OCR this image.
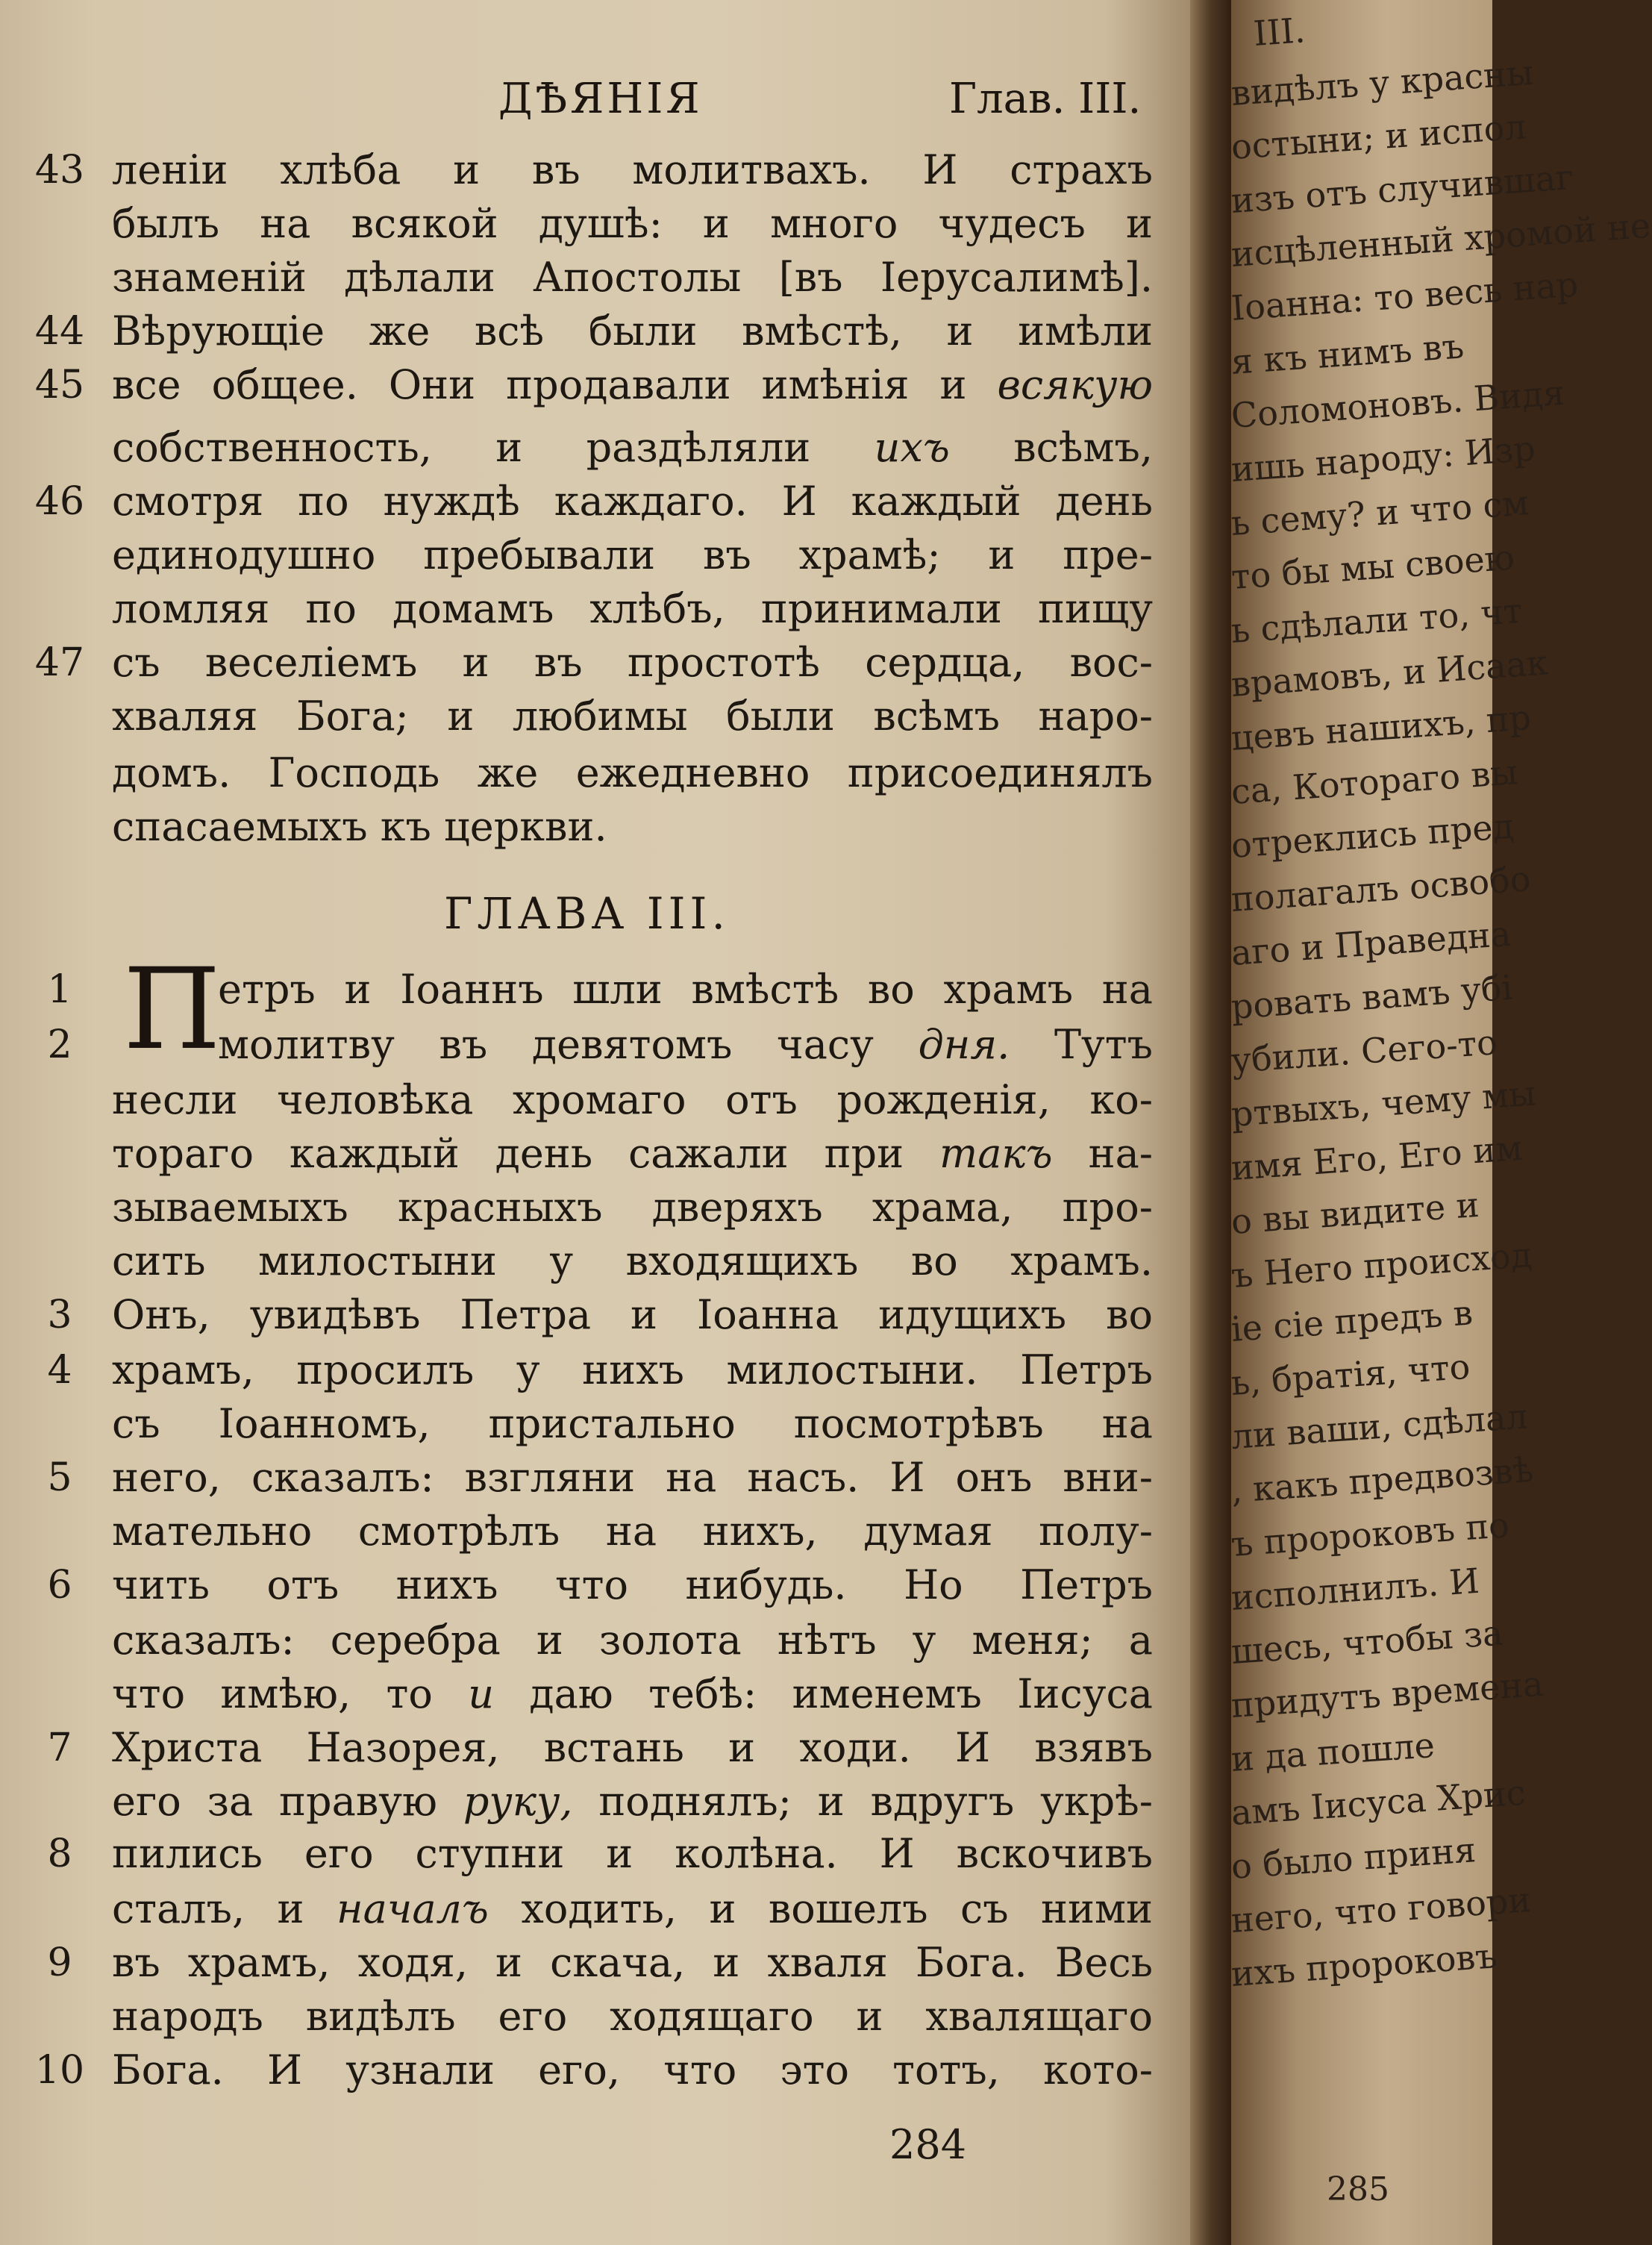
ДѢЯНІЯ	Глав. III.
43
44
45
46
47
1
2
3
4
5
6
7
8
9
10
леніи хлѣба и въ молитвахъ. И страхъ
былъ на всякой душѣ: и много чудесъ и
знаменій дѣлали Апостолы [въ Іерусалимѣ].
Вѣрующіе же всѣ были вмѣстѣ, и имѣли
все общее. Они продавали имѣнія и всякую
собственность, и раздѣляли ихъ всѣмъ,
смотря по нуждѣ каждаго. И каждый день
единодушно пребывали въ храмѣ; и пре-
ломляя по домамъ хлѣбъ, принимали пищу
съ веселіемъ и въ простотѣ сердца, вос-
хваляя Бога; и любимы были всѣмъ наро-
домъ. Господь же ежедневно присоединялъ
спасаемыхъ къ церкви.
ГЛАВА III.
П
етръ и Іоаннъ шли вмѣстѣ во храмъ на
молитву въ девятомъ часу дня. Тутъ
несли человѣка хромаго отъ рожденія, ко-
тораго каждый день сажали при такъ на-
зываемыхъ красныхъ дверяхъ храма, про-
сить милостыни у входящихъ во храмъ.
Онъ, увидѣвъ Петра и Іоанна идущихъ во
храмъ, просилъ у нихъ милостыни. Петръ
съ Іоанномъ, пристально посмотрѣвъ на
него, сказалъ: взгляни на насъ. И онъ вни-
мательно смотрѣлъ на нихъ, думая полу-
чить отъ нихъ что нибудь. Но Петръ
сказалъ: серебра и золота нѣтъ у меня; а
что имѣю, то и даю тебѣ: именемъ Іисуса
Христа Назорея, встань и ходи. И взявъ
его за правую руку, поднялъ; и вдругъ укрѣ-
пились его ступни и колѣна. И вскочивъ
сталъ, и началъ ходить, и вошелъ съ ними
въ храмъ, ходя, и скача, и хваля Бога. Весь
народъ видѣлъ его ходящаго и хвалящаго
Бога. И узнали его, что это тотъ, кото-
284
III.
видѣлъ у красны
остыни; и испол
изъ отъ случившаг
исцѣленный хромой не
Іоанна: то весь нар
я къ нимъ въ
Соломоновъ. Видя
ишь народу: Изр
ь сему? и что см
то бы мы своею
ь сдѣлали то, чт
врамовъ, и Исаак
цевъ нашихъ, пр
са, Котораго вы
отреклись пред
полагалъ освобо
аго и Праведна
ровать вамъ убі
убили. Сего-то
ртвыхъ, чему мы
имя Его, Его им
о вы видите и
ъ Него происход
іе сіе предъ в
ь, братія, что
ли ваши, сдѣлал
, какъ предвозвѣ
ъ пророковъ по
исполнилъ. И
шесь, чтобы за
придутъ времена
и да пошле
амъ Іисуса Хрис
о было приня
него, что говори
ихъ пророковъ
285
